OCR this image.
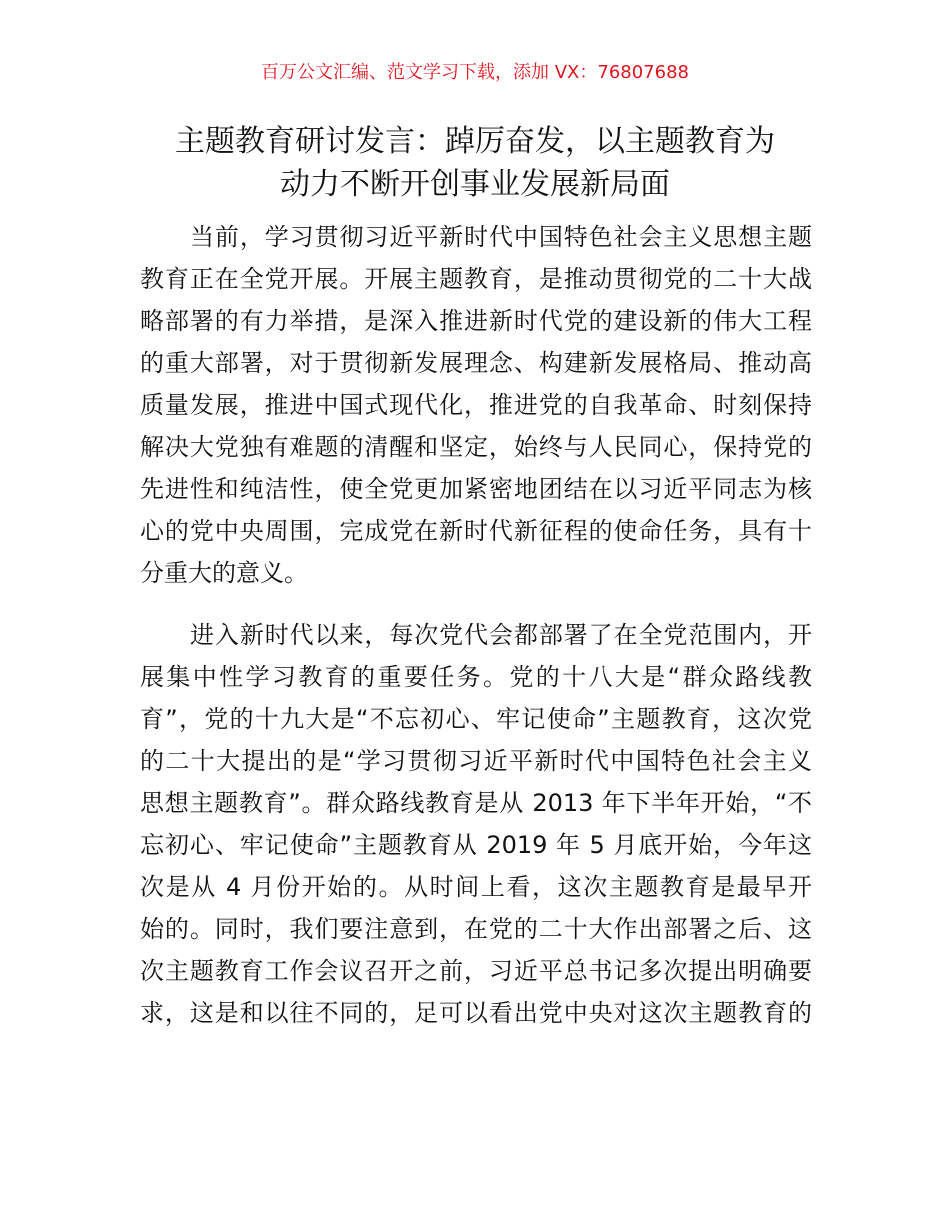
百万公文汇编、范文学习下载，添加 VX：76807688
主题教育研讨发言：踔厉奋发，以主题教育为
动力不断开创事业发展新局面
当前，学习贯彻习近平新时代中国特色社会主义思想主题
教育正在全党开展。开展主题教育，是推动贯彻党的二十大战
略部署的有力举措，是深入推进新时代党的建设新的伟大工程
的重大部署，对于贯彻新发展理念、构建新发展格局、推动高
质量发展，推进中国式现代化，推进党的自我革命、时刻保持
解决大党独有难题的清醒和坚定，始终与人民同心，保持党的
先进性和纯洁性，使全党更加紧密地团结在以习近平同志为核
心的党中央周围，完成党在新时代新征程的使命任务，具有十
分重大的意义。
进入新时代以来，每次党代会都部署了在全党范围内，开
展集中性学习教育的重要任务。党的十八大是“群众路线教
育”，党的十九大是“不忘初心、牢记使命”主题教育，这次党
的二十大提出的是“学习贯彻习近平新时代中国特色社会主义
思想主题教育”。群众路线教育是从 2013 年下半年开始，“不
忘初心、牢记使命”主题教育从 2019 年 5 月底开始，今年这
次是从 4 月份开始的。从时间上看，这次主题教育是最早开
始的。同时，我们要注意到，在党的二十大作出部署之后、这
次主题教育工作会议召开之前，习近平总书记多次提出明确要
求，这是和以往不同的，足可以看出党中央对这次主题教育的
